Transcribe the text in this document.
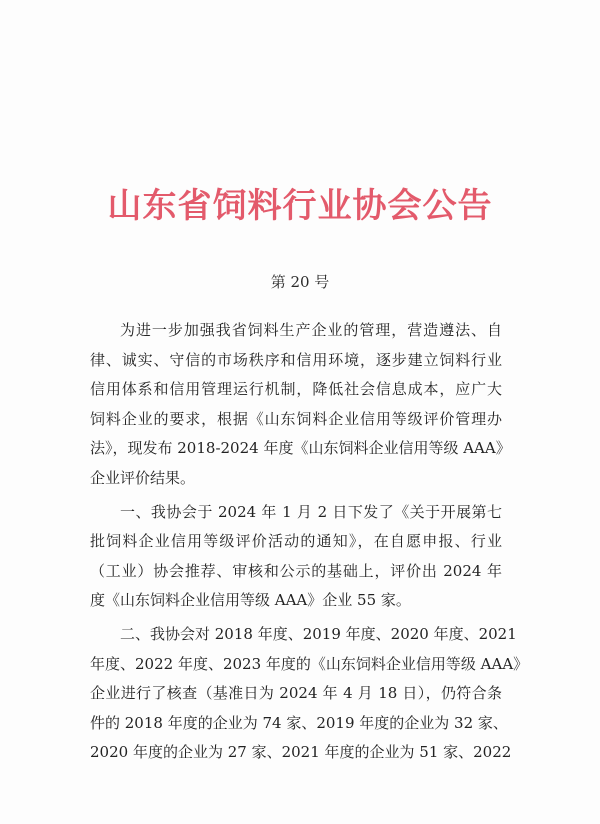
山东省饲料行业协会公告
第 20 号
为进一步加强我省饲料生产企业的管理，营造遵法、自
律、诚实、守信的市场秩序和信用环境，逐步建立饲料行业
信用体系和信用管理运行机制，降低社会信息成本，应广大
饲料企业的要求，根据《山东饲料企业信用等级评价管理办
法》，现发布 2018-2024 年度《山东饲料企业信用等级 AAA》
企业评价结果。
一、我协会于 2024 年 1 月 2 日下发了《关于开展第七
批饲料企业信用等级评价活动的通知》，在自愿申报、行业
（工业）协会推荐、审核和公示的基础上，评价出 2024 年
度《山东饲料企业信用等级 AAA》企业 55 家。
二、我协会对 2018 年度、2019 年度、2020 年度、2021
年度、2022 年度、2023 年度的《山东饲料企业信用等级 AAA》
企业进行了核查（基准日为 2024 年 4 月 18 日），仍符合条
件的 2018 年度的企业为 74 家、2019 年度的企业为 32 家、
2020 年度的企业为 27 家、2021 年度的企业为 51 家、2022
